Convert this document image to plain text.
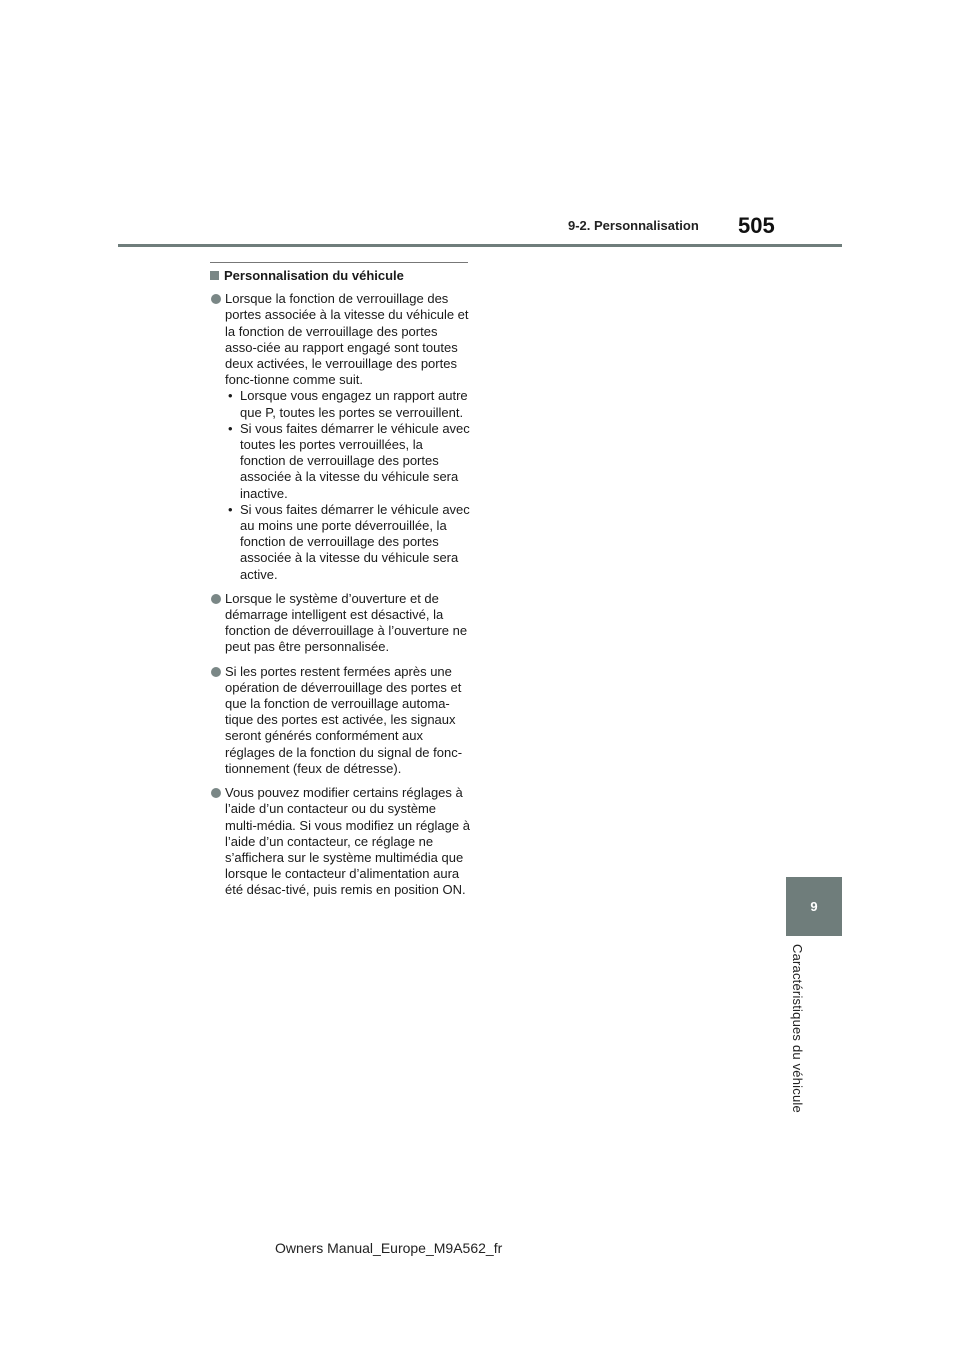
9-2. Personnalisation 505
Personnalisation du véhicule
Lorsque la fonction de verrouillage des portes associée à la vitesse du véhicule et la fonction de verrouillage des portes asso-ciée au rapport engagé sont toutes deux activées, le verrouillage des portes fonc-tionne comme suit.
• Lorsque vous engagez un rapport autre que P, toutes les portes se verrouillent.
• Si vous faites démarrer le véhicule avec toutes les portes verrouillées, la fonction de verrouillage des portes associée à la vitesse du véhicule sera inactive.
• Si vous faites démarrer le véhicule avec au moins une porte déverrouillée, la fonction de verrouillage des portes associée à la vitesse du véhicule sera active.
Lorsque le système d’ouverture et de démarrage intelligent est désactivé, la fonction de déverrouillage à l’ouverture ne peut pas être personnalisée.
Si les portes restent fermées après une opération de déverrouillage des portes et que la fonction de verrouillage automa-tique des portes est activée, les signaux seront générés conformément aux réglages de la fonction du signal de fonc-tionnement (feux de détresse).
Vous pouvez modifier certains réglages à l’aide d’un contacteur ou du système multi-média. Si vous modifiez un réglage à l’aide d’un contacteur, ce réglage ne s’affichera sur le système multimédia que lorsque le contacteur d’alimentation aura été désac-tivé, puis remis en position ON.
9
Caractéristiques du véhicule
Owners Manual_Europe_M9A562_fr
